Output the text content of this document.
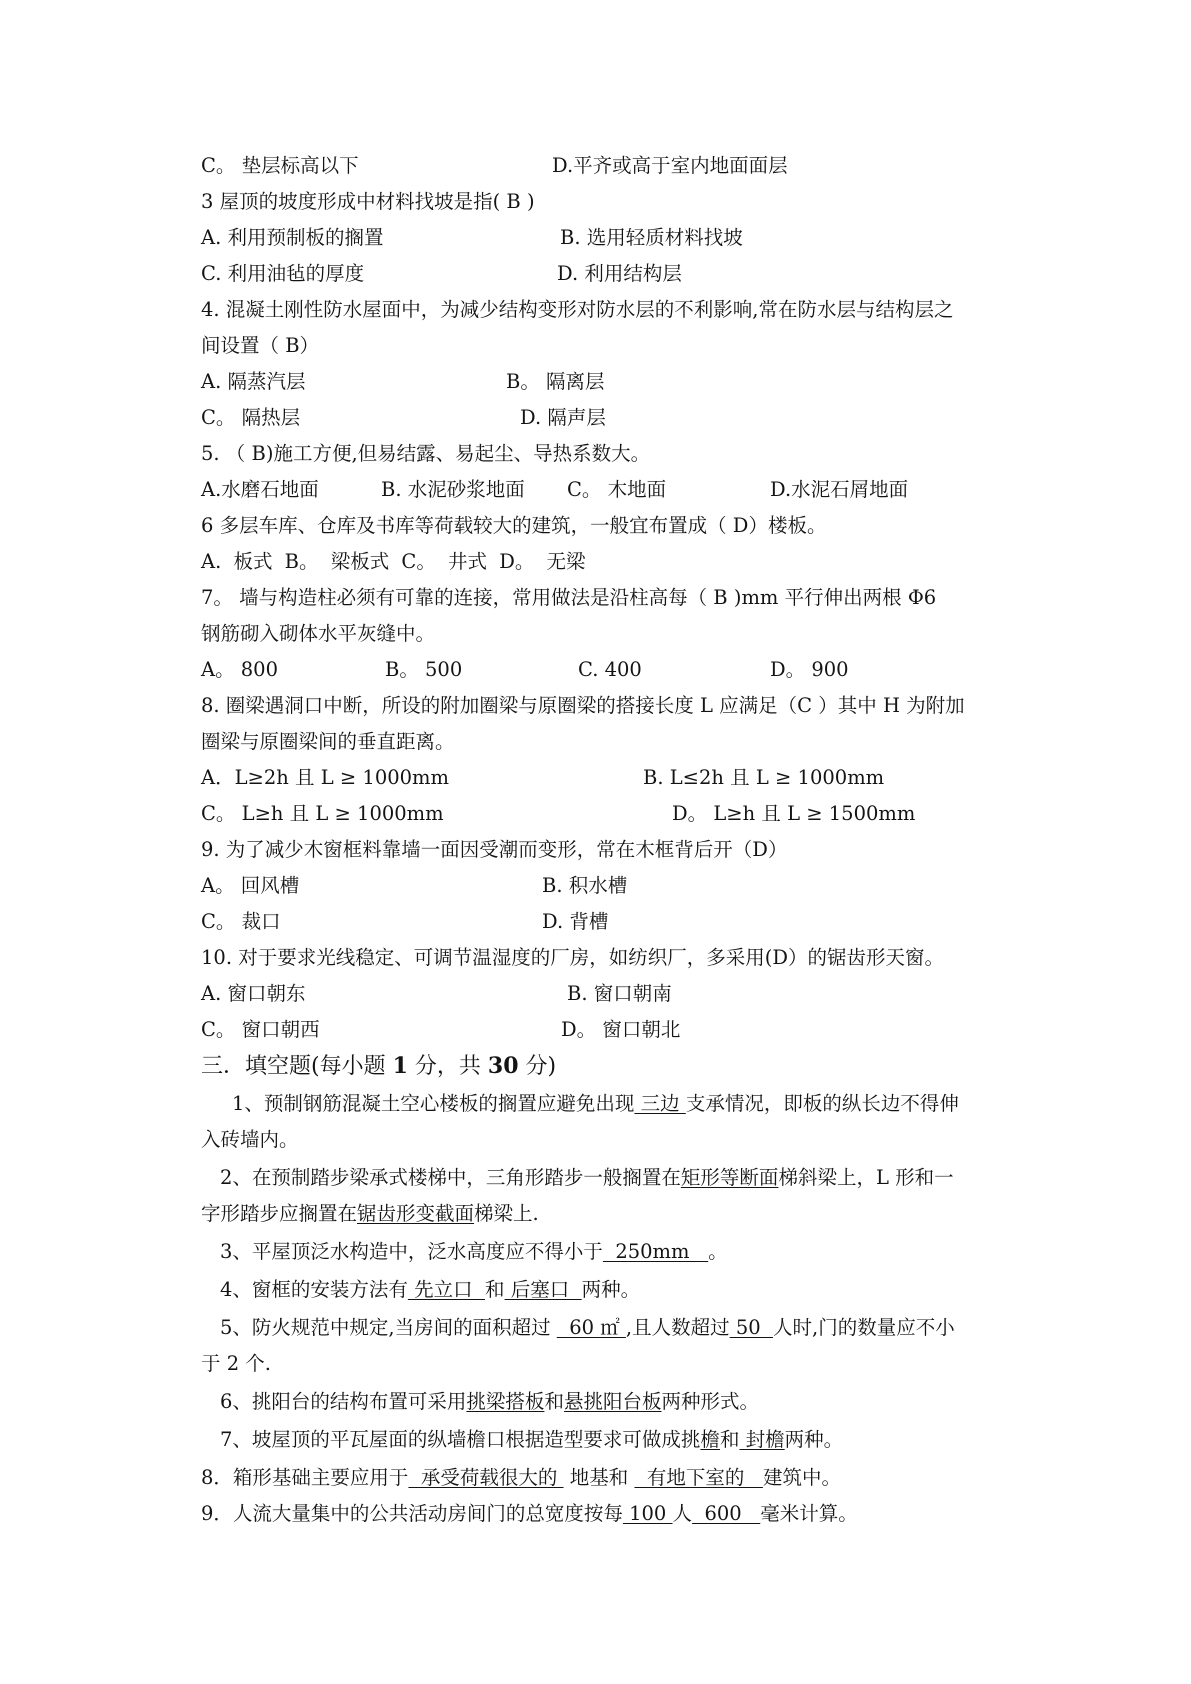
C。 垫层标高以下	D.平齐或高于室内地面面层
3 屋顶的坡度形成中材料找坡是指( B )
A. 利用预制板的搁置	B. 选用轻质材料找坡
C. 利用油毡的厚度	D. 利用结构层
4. 混凝土刚性防水屋面中，为减少结构变形对防水层的不利影响,常在防水层与结构层之
间设置（ B）
A. 隔蒸汽层	B。 隔离层
C。 隔热层	D. 隔声层
5. （ B)施工方便,但易结露、易起尘、导热系数大。
A.水磨石地面	B. 水泥砂浆地面 C。 木地面	D.水泥石屑地面
6 多层车库、仓库及书库等荷载较大的建筑，一般宜布置成（ D）楼板。
A. 板式 B。 梁板式 C。 井式 D。 无梁
7。 墙与构造柱必须有可靠的连接，常用做法是沿柱高每（ B )mm 平行伸出两根 Φ6
钢筋砌入砌体水平灰缝中。
A。 800	B。 500	C. 400	D。 900
8. 圈梁遇洞口中断，所设的附加圈梁与原圈梁的搭接长度 L 应满足（C ）其中 H 为附加
圈梁与原圈梁间的垂直距离。
A．L≥2h 且 L ≥ 1000mm	B. L≤2h 且 L ≥ 1000mm
C。 L≥h 且 L ≥ 1000mm	D。 L≥h 且 L ≥ 1500mm
9. 为了减少木窗框料靠墙一面因受潮而变形，常在木框背后开（D）
A。 回风槽	B. 积水槽
C。 裁口	D. 背槽
10. 对于要求光线稳定、可调节温湿度的厂房，如纺织厂，多采用(D）的锯齿形天窗。
A. 窗口朝东	B. 窗口朝南
C。 窗口朝西	D。 窗口朝北
三．填空题(每小题 1 分，共 30 分)
1、预制钢筋混凝土空心楼板的搁置应避免出现 三边 支承情况，即板的纵长边不得伸
入砖墙内。
2、在预制踏步梁承式楼梯中，三角形踏步一般搁置在矩形等断面梯斜梁上，L 形和一
字形踏步应搁置在锯齿形变截面梯梁上.
3、平屋顶泛水构造中，泛水高度应不得小于  250mm   。
4、窗框的安装方法有 先立口  和 后塞口  两种。
5、防火规范中规定,当房间的面积超过   60 ㎡ ,且人数超过 50  人时,门的数量应不小
于 2 个.
6、挑阳台的结构布置可采用挑梁搭板和悬挑阳台板两种形式。
7、坡屋顶的平瓦屋面的纵墙檐口根据造型要求可做成挑檐和 封檐两种。
8．箱形基础主要应用于  承受荷载很大的  地基和   有地下室的   建筑中。
9．人流大量集中的公共活动房间门的总宽度按每 100 人  600   毫米计算。
